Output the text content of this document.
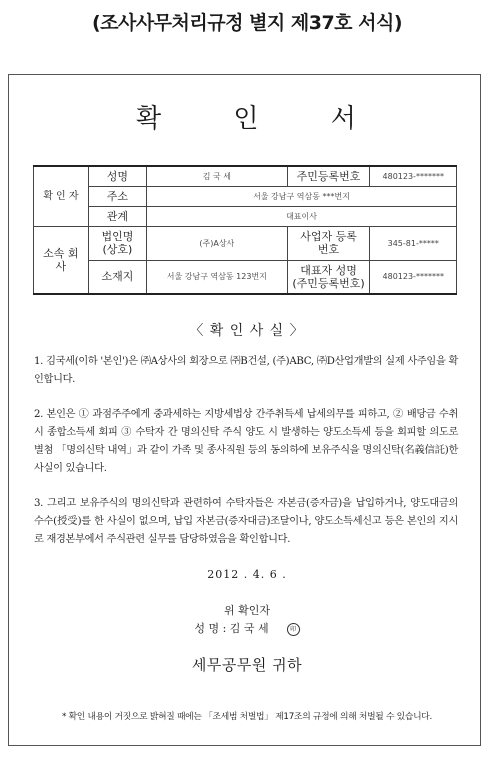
(조사사무처리규정 별지 제37호 서식)
확 인 서
확 인 자	성명	김 국 세	주민등록번호	480123-*******
	주소	서울 강남구 역삼동 ***번지		
	관계	대표이사		
소속 회사	법인명 (상호)	(주)A상사	사업자 등록번호	345-81-*****
	소재지	서울 강남구 역삼동 123번지	대표자 성명 (주민등록번호)	480123-*******
〈 확 인 사 실 〉
1. 김국세(이하 '본인')은 ㈜A상사의 회장으로 ㈜B건설, (주)ABC, ㈜D산업개발의 실제 사주임을 확인합니다.
2. 본인은 ① 과점주주에게 중과세하는 지방세법상 간주취득세 납세의무를 피하고, ② 배당금 수취시 종합소득세 회피 ③ 수탁자 간 명의신탁 주식 양도 시 발생하는 양도소득세 등을 회피할 의도로 별첨 「명의신탁 내역」과 같이 가족 및 종사직원 등의 동의하에 보유주식을 명의신탁(名義信託)한 사실이 있습니다.
3. 그리고 보유주식의 명의신탁과 관련하여 수탁자들은 자본금(증자금)을 납입하거나, 양도대금의 수수(授受)를 한 사실이 없으며, 납입 자본금(증자대금)조달이나, 양도소득세신고 등은 본인의 지시로 재경본부에서 주식관련 실무를 담당하였음을 확인합니다.
2012 . 4. 6 .
위 확인자
성 명 : 김 국 세	印
세무공무원 귀하
* 확인 내용이 거짓으로 밝혀질 때에는 「조세범 처벌법」 제17조의 규정에 의해 처벌될 수 있습니다.
